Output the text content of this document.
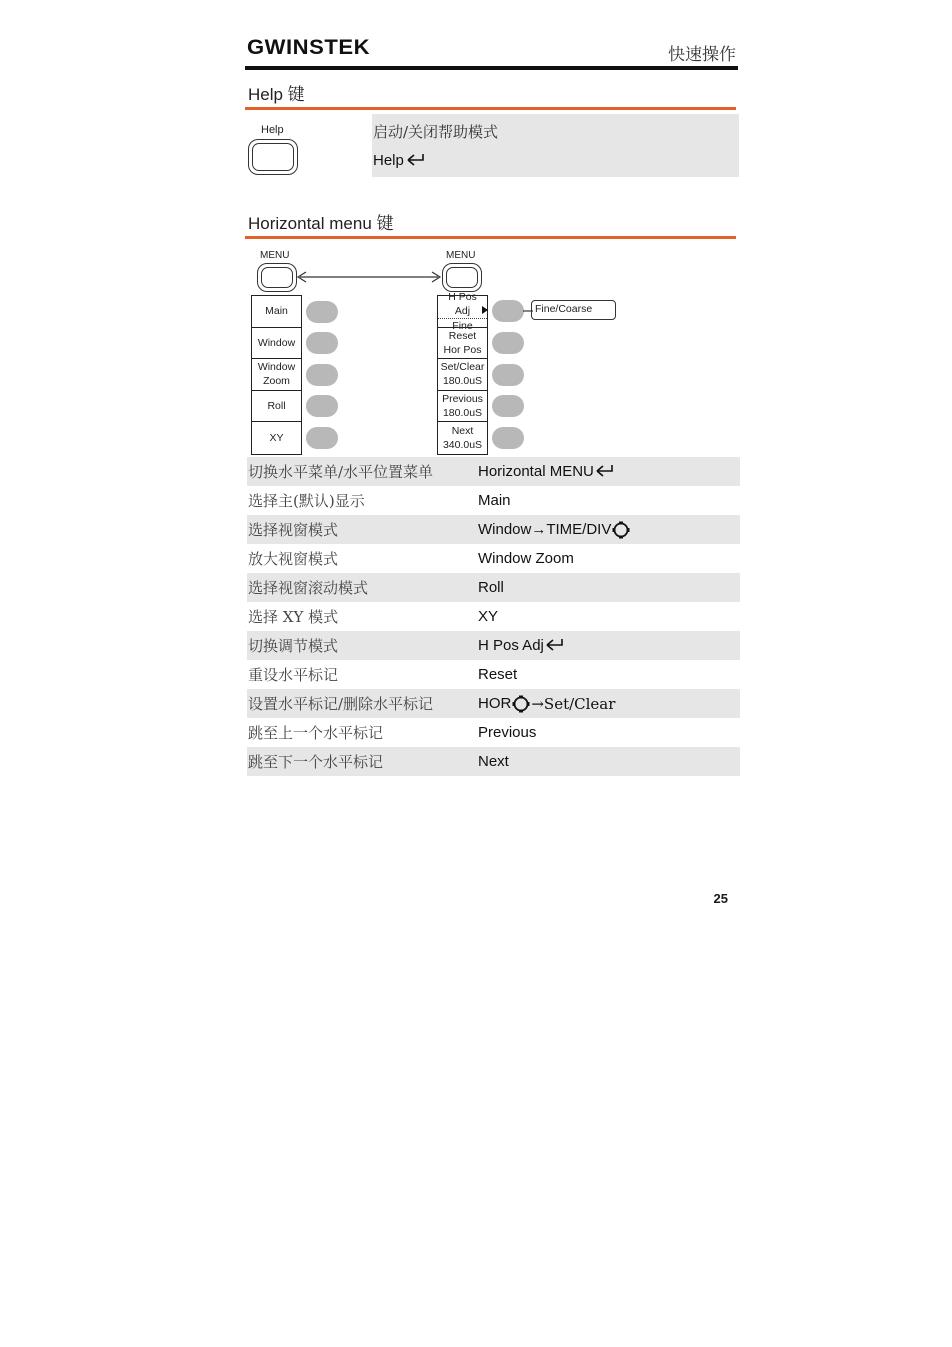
GWINSTEK	快速操作
Help 键
Help	启动/关闭帮助模式
Help
Horizontal menu 键
MENU	MENU
Main
Window
Window
Zoom
Roll
XY
H Pos Adj
Fine
Reset
Hor Pos
Set/Clear
180.0uS
Previous
180.0uS
Next
340.0uS
Fine/Coarse
切换水平菜单/水平位置菜单	Horizontal MENU
选择主(默认)显示	Main
选择视窗模式	Window→TIME/DIV
放大视窗模式	Window Zoom
选择视窗滚动模式	Roll
选择 XY 模式	XY
切换调节模式	H Pos Adj
重设水平标记	Reset
设置水平标记/删除水平标记	HOR →Set/Clear
跳至上一个水平标记	Previous
跳至下一个水平标记	Next
25
